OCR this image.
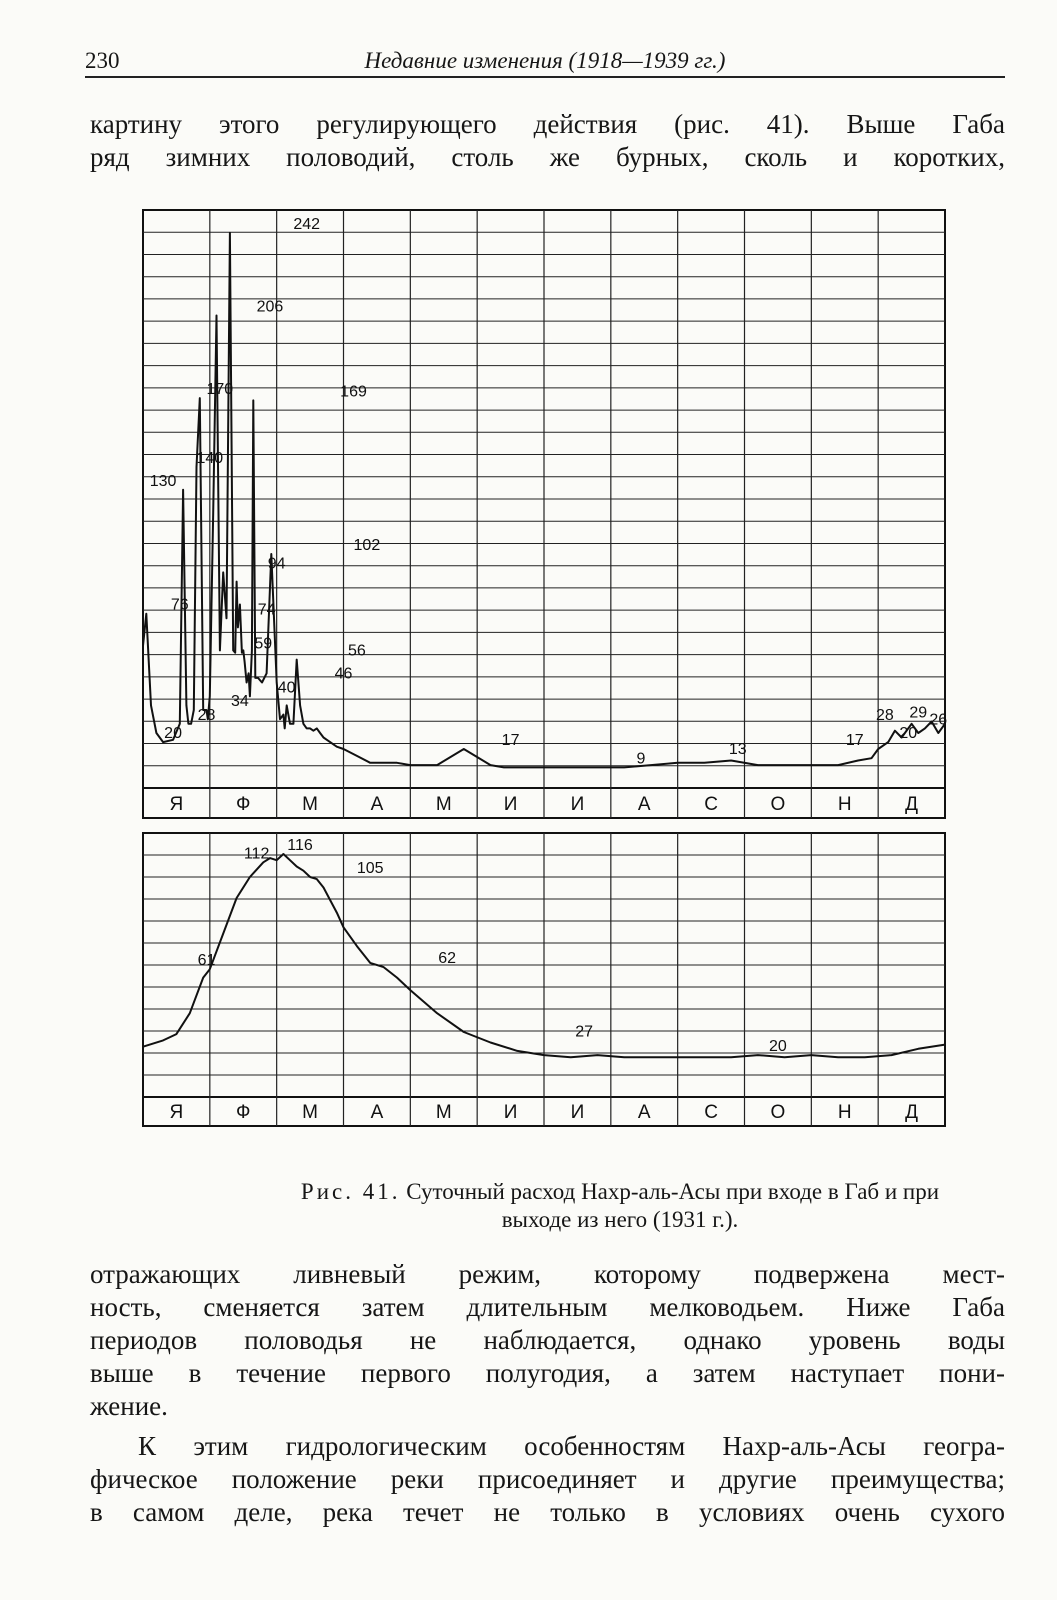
230	Недавние изменения (1918—1939 гг.)
картину этого регулирующего действия (рис. 41). Выше Габа
ряд зимних половодий, столь же бурных, сколь и коротких,
Я	Ф	М	А	М	И	И	А	С	О	Н	Д
242
206
170	169
140
130
102
94
76	74
59	56
46
40
34
28
20	17
9
13
17
28 29 26
20
Я	Ф	М	А	М	И	И	А	С	О	Н	Д
112 116
105
61	62
27
20
Рис. 41. Суточный расход Нахр-аль-Асы при входе в Габ и при
выходе из него (1931 г.).
отражающих ливневый режим, которому подвержена мест-
ность, сменяется затем длительным мелководьем. Ниже Габа
периодов половодья не наблюдается, однако уровень воды
выше в течение первого полугодия, а затем наступает пони-
жение.
К этим гидрологическим особенностям Нахр-аль-Асы геогра-
фическое положение реки присоединяет и другие преимущества;
в самом деле, река течет не только в условиях очень сухого
